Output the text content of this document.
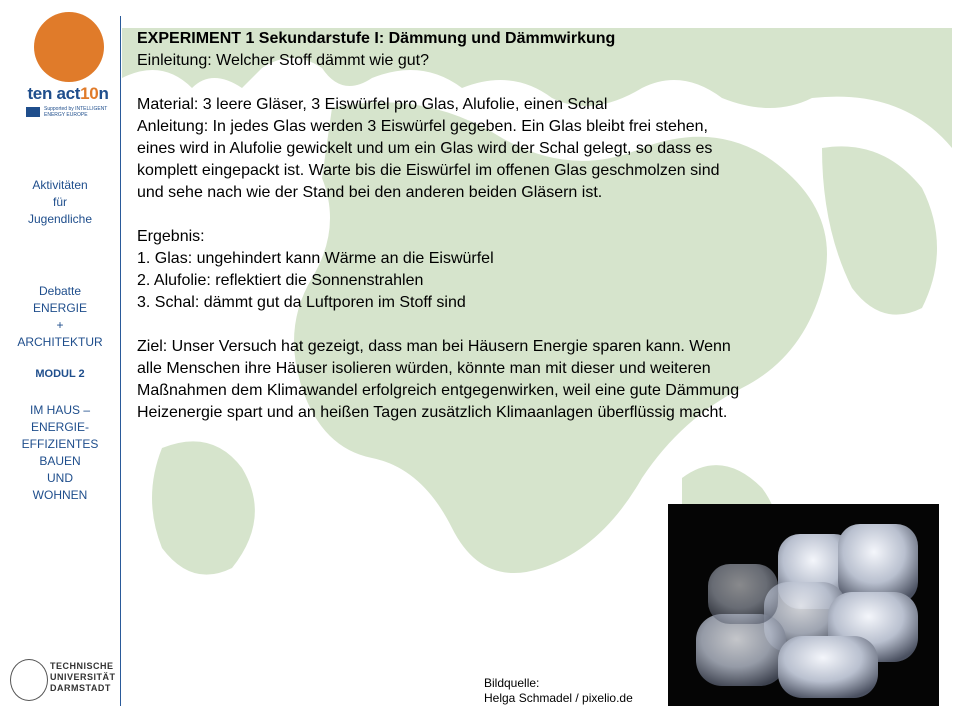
ten act10n
Supported by INTELLIGENT ENERGY EUROPE
Aktivitäten
für
Jugendliche
Debatte
ENERGIE
+
ARCHITEKTUR
MODUL 2
IM HAUS –
ENERGIE-
EFFIZIENTES
BAUEN
UND
WOHNEN
TECHNISCHE
UNIVERSITÄT
DARMSTADT

EXPERIMENT 1 Sekundarstufe I: Dämmung und Dämmwirkung

Einleitung: Welcher Stoff dämmt wie gut?

Material: 3 leere Gläser, 3 Eiswürfel pro Glas, Alufolie, einen Schal

Anleitung: In jedes Glas werden 3 Eiswürfel gegeben. Ein Glas bleibt frei stehen, eines wird in Alufolie gewickelt und um ein Glas wird der Schal gelegt, so dass es komplett eingepackt ist. Warte bis die Eiswürfel im offenen Glas geschmolzen sind und sehe nach wie der Stand bei den anderen beiden Gläsern ist.

Ergebnis:

1. Glas: ungehindert kann Wärme an die Eiswürfel

2. Alufolie: reflektiert die Sonnenstrahlen

3. Schal: dämmt gut da Luftporen im Stoff sind

Ziel: Unser Versuch hat gezeigt, dass man bei Häusern Energie sparen kann. Wenn alle Menschen ihre Häuser isolieren würden, könnte man mit dieser und weiteren Maßnahmen dem Klimawandel erfolgreich entgegenwirken, weil eine gute Dämmung Heizenergie spart und an heißen Tagen zusätzlich Klimaanlagen überflüssig macht.

Bildquelle:
Helga Schmadel / pixelio.de
